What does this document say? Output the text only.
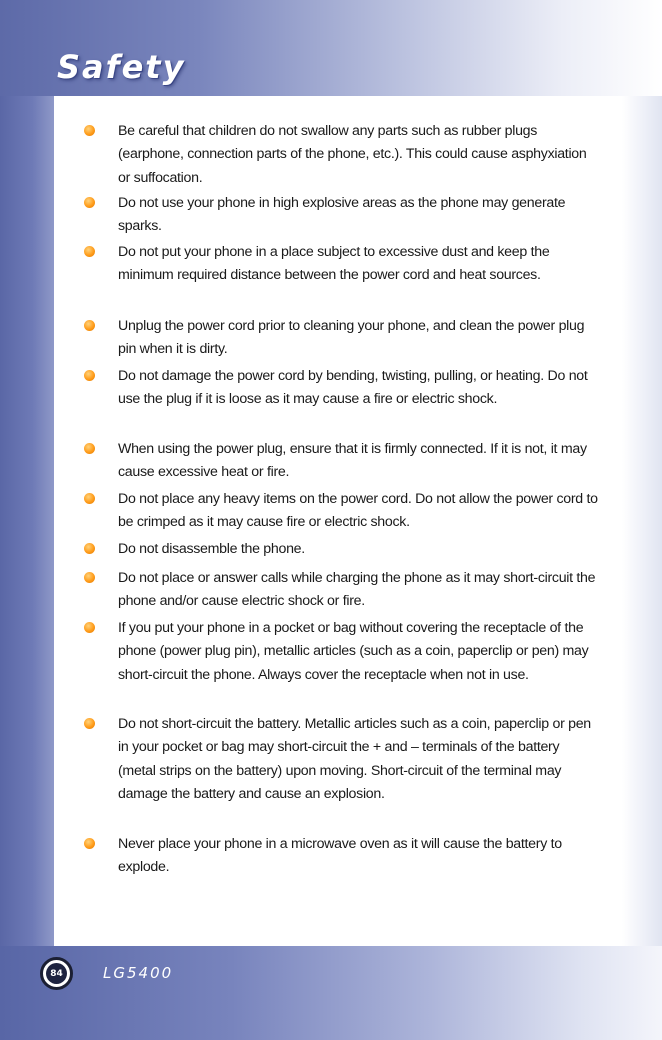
Safety
Be careful that children do not swallow any parts such as rubber plugs (earphone, connection parts of the phone, etc.). This could cause asphyxiation or suffocation.
Do not use your phone in high explosive areas as the phone may generate sparks.
Do not put your phone in a place subject to excessive dust and keep the minimum required distance between the power cord and heat sources.
Unplug the power cord prior to cleaning your phone, and clean the power plug pin when it is dirty.
Do not damage the power cord by bending, twisting, pulling, or heating. Do not use the plug if it is loose as it may cause a fire or electric shock.
When using the power plug, ensure that it is firmly connected. If it is not, it may cause excessive heat or fire.
Do not place any heavy items on the power cord. Do not allow the power cord to be crimped as it may cause fire or electric shock.
Do not disassemble the phone.
Do not place or answer calls while charging the phone as it may short-circuit the phone and/or cause electric shock or fire.
If you put your phone in a pocket or bag without covering the receptacle of the phone (power plug pin), metallic articles (such as a coin, paperclip or pen) may short-circuit the phone. Always cover the receptacle when not in use.
Do not short-circuit the battery. Metallic articles such as a coin, paperclip or pen in your pocket or bag may short-circuit the + and – terminals of the battery (metal strips on the battery) upon moving. Short-circuit of the terminal may damage the battery and cause an explosion.
Never place your phone in a microwave oven as it will cause the battery to explode.
84	LG5400
